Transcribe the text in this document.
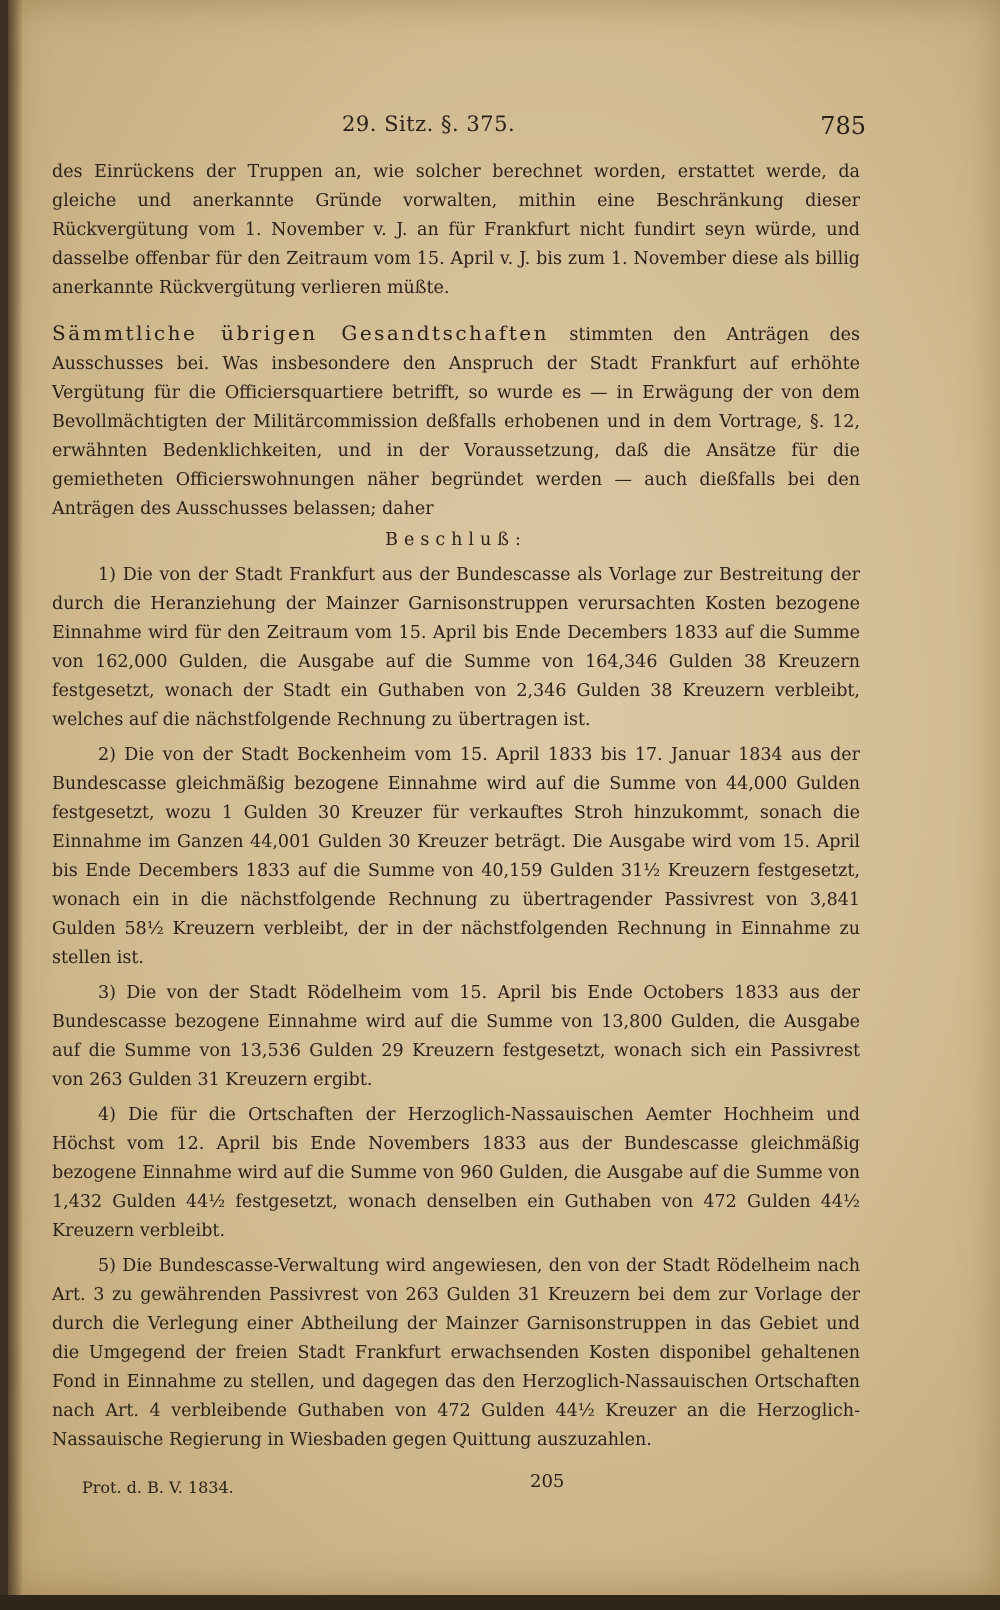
29. Sitz. §. 375.	785

des Einrückens der Truppen an, wie solcher berechnet worden, erstattet werde, da gleiche und anerkannte Gründe vorwalten, mithin eine Beschränkung dieser Rückvergütung vom 1. November v. J. an für Frankfurt nicht fundirt seyn würde, und dasselbe offenbar für den Zeitraum vom 15. April v. J. bis zum 1. November diese als billig anerkannte Rückvergütung verlieren müßte.

Sämmtliche übrigen Gesandtschaften stimmten den Anträgen des Ausschusses bei. Was insbesondere den Anspruch der Stadt Frankfurt auf erhöhte Vergütung für die Officiersquartiere betrifft, so wurde es — in Erwägung der von dem Bevollmächtigten der Militärcommission deßfalls erhobenen und in dem Vortrage, §. 12, erwähnten Bedenklichkeiten, und in der Voraussetzung, daß die Ansätze für die gemietheten Officierswohnungen näher begründet werden — auch dießfalls bei den Anträgen des Ausschusses belassen; daher

Beschluß:

1) Die von der Stadt Frankfurt aus der Bundescasse als Vorlage zur Bestreitung der durch die Heranziehung der Mainzer Garnisonstruppen verursachten Kosten bezogene Einnahme wird für den Zeitraum vom 15. April bis Ende Decembers 1833 auf die Summe von 162,000 Gulden, die Ausgabe auf die Summe von 164,346 Gulden 38 Kreuzern festgesetzt, wonach der Stadt ein Guthaben von 2,346 Gulden 38 Kreuzern verbleibt, welches auf die nächstfolgende Rechnung zu übertragen ist.

2) Die von der Stadt Bockenheim vom 15. April 1833 bis 17. Januar 1834 aus der Bundescasse gleichmäßig bezogene Einnahme wird auf die Summe von 44,000 Gulden festgesetzt, wozu 1 Gulden 30 Kreuzer für verkauftes Stroh hinzukommt, sonach die Einnahme im Ganzen 44,001 Gulden 30 Kreuzer beträgt. Die Ausgabe wird vom 15. April bis Ende Decembers 1833 auf die Summe von 40,159 Gulden 31½ Kreuzern festgesetzt, wonach ein in die nächstfolgende Rechnung zu übertragender Passivrest von 3,841 Gulden 58½ Kreuzern verbleibt, der in der nächstfolgenden Rechnung in Einnahme zu stellen ist.

3) Die von der Stadt Rödelheim vom 15. April bis Ende Octobers 1833 aus der Bundescasse bezogene Einnahme wird auf die Summe von 13,800 Gulden, die Ausgabe auf die Summe von 13,536 Gulden 29 Kreuzern festgesetzt, wonach sich ein Passivrest von 263 Gulden 31 Kreuzern ergibt.

4) Die für die Ortschaften der Herzoglich-Nassauischen Aemter Hochheim und Höchst vom 12. April bis Ende Novembers 1833 aus der Bundescasse gleichmäßig bezogene Einnahme wird auf die Summe von 960 Gulden, die Ausgabe auf die Summe von 1,432 Gulden 44½ festgesetzt, wonach denselben ein Guthaben von 472 Gulden 44½ Kreuzern verbleibt.

5) Die Bundescasse-Verwaltung wird angewiesen, den von der Stadt Rödelheim nach Art. 3 zu gewährenden Passivrest von 263 Gulden 31 Kreuzern bei dem zur Vorlage der durch die Verlegung einer Abtheilung der Mainzer Garnisonstruppen in das Gebiet und die Umgegend der freien Stadt Frankfurt erwachsenden Kosten disponibel gehaltenen Fond in Einnahme zu stellen, und dagegen das den Herzoglich-Nassauischen Ortschaften nach Art. 4 verbleibende Guthaben von 472 Gulden 44½ Kreuzer an die Herzoglich-Nassauische Regierung in Wiesbaden gegen Quittung auszuzahlen.

Prot. d. B. V. 1834.	205
